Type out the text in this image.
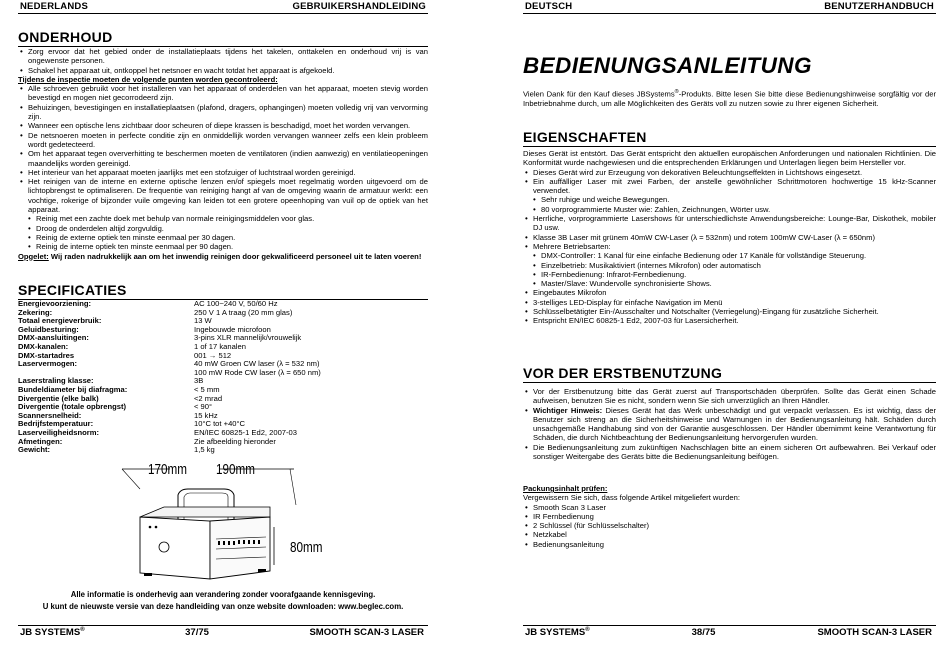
NEDERLANDS	GEBRUIKERSHANDLEIDING
ONDERHOUD
• Zorg ervoor dat het gebied onder de installatieplaats tijdens het takelen, onttakelen en onderhoud vrij is van ongewenste personen.
• Schakel het apparaat uit, ontkoppel het netsnoer en wacht totdat het apparaat is afgekoeld.

Tijdens de inspectie moeten de volgende punten worden gecontroleerd:

• Alle schroeven gebruikt voor het installeren van het apparaat of onderdelen van het apparaat, moeten stevig worden bevestigd en mogen niet gecorrodeerd zijn.
• Behuizingen, bevestigingen en installatieplaatsen (plafond, dragers, ophangingen) moeten volledig vrij van vervorming zijn.
• Wanneer een optische lens zichtbaar door scheuren of diepe krassen is beschadigd, moet het worden vervangen.
• De netsnoeren moeten in perfecte conditie zijn en onmiddellijk worden vervangen wanneer zelfs een klein probleem wordt gedetecteerd.
• Om het apparaat tegen oververhitting te beschermen moeten de ventilatoren (indien aanwezig) en ventilatieopeningen maandelijks worden gereinigd.
• Het interieur van het apparaat moeten jaarlijks met een stofzuiger of luchtstraal worden gereinigd.
• Het reinigen van de interne en externe optische lenzen en/of spiegels moet regelmatig worden uitgevoerd om de lichtopbrengst te optimaliseren. De frequentie van reiniging hangt af van de omgeving waarin de armatuur werkt: een vochtige, rokerige of bijzonder vuile omgeving kan leiden tot een grotere opeenhoping van vuil op de optiek van het apparaat.
• Reinig met een zachte doek met behulp van normale reinigingsmiddelen voor glas.
• Droog de onderdelen altijd zorgvuldig.
• Reinig de externe optiek ten minste eenmaal per 30 dagen.
• Reinig de interne optiek ten minste eenmaal per 90 dagen.

Opgelet: Wij raden nadrukkelijk aan om het inwendig reinigen door gekwalificeerd personeel uit te laten voeren!

SPECIFICATIES
Energievoorziening:	AC 100~240 V, 50/60 Hz
Zekering:	250 V 1 A traag (20 mm glas)
Totaal energieverbruik:	13 W
Geluidbesturing:	Ingebouwde microfoon
DMX-aansluitingen:	3-pins XLR mannelijk/vrouwelijk
DMX-kanalen:	1 of 17 kanalen
DMX-startadres	001 → 512
Laservermogen:	40 mW Groen CW laser (λ = 532 nm)
100 mW Rode CW laser (λ = 650 nm)
Laserstraling klasse:	3B
Bundeldiameter bij diafragma:	< 5 mm
Divergentie (elke balk)	<2 mrad
Divergentie (totale opbrengst)	< 90°
Scannersnelheid:	15 kHz
Bedrijfstemperatuur:	10°C tot +40°C
Laserveiligheidsnorm:	EN/IEC 60825-1 Ed2, 2007-03
Afmetingen:	Zie afbeelding hieronder
Gewicht:	1,5 kg
170mm 190mm
80mm
Alle informatie is onderhevig aan verandering zonder voorafgaande kennisgeving.
U kunt de nieuwste versie van deze handleiding van onze website downloaden: www.beglec.com.
JB SYSTEMS®	37/75	SMOOTH SCAN-3 LASER
DEUTSCH	BENUTZERHANDBUCH
BEDIENUNGSANLEITUNG

Vielen Dank für den Kauf dieses JBSystems®-Produkts. Bitte lesen Sie bitte diese Bedienungshinweise sorgfältig vor der Inbetriebnahme durch, um alle Möglichkeiten des Geräts voll zu nutzen sowie zu Ihrer eigenen Sicherheit.

EIGENSCHAFTEN

Dieses Gerät ist entstört. Das Gerät entspricht den aktuellen europäischen Anforderungen und nationalen Richtlinien. Die Konformität wurde nachgewiesen und die entsprechenden Erklärungen und Unterlagen liegen beim Hersteller vor.

• Dieses Gerät wird zur Erzeugung von dekorativen Beleuchtungseffekten in Lichtshows eingesetzt.
• Ein auffälliger Laser mit zwei Farben, der anstelle gewöhnlicher Schrittmotoren hochwertige 15 kHz-Scanner verwendet.
• Sehr ruhige und weiche Bewegungen.
• 80 vorprogrammierte Muster wie: Zahlen, Zeichnungen, Wörter usw.
• Herrliche, vorprogrammierte Lasershows für unterschiedlichste Anwendungsbereiche: Lounge-Bar, Diskothek, mobiler DJ usw.
• Klasse 3B Laser mit grünem 40mW CW-Laser (λ = 532nm) und rotem 100mW CW-Laser (λ = 650nm)
• Mehrere Betriebsarten:
• DMX-Controller: 1 Kanal für eine einfache Bedienung oder 17 Kanäle für vollständige Steuerung.
• Einzelbetrieb: Musikaktiviert (internes Mikrofon) oder automatisch
• IR-Fernbedienung: Infrarot-Fernbedienung.
• Master/Slave: Wundervolle synchronisierte Shows.
• Eingebautes Mikrofon
• 3-stelliges LED-Display für einfache Navigation im Menü
• Schlüsselbetätigter Ein-/Ausschalter und Notschalter (Verriegelung)-Eingang für zusätzliche Sicherheit.
• Entspricht EN/IEC 60825-1 Ed2, 2007-03 für Lasersicherheit.
VOR DER ERSTBENUTZUNG
• Vor der Erstbenutzung bitte das Gerät zuerst auf Transportschäden überprüfen. Sollte das Gerät einen Schade aufweisen, benutzen Sie es nicht, sondern wenn Sie sich unverzüglich an Ihren Händler.
• Wichtiger Hinweis: Dieses Gerät hat das Werk unbeschädigt und gut verpackt verlassen. Es ist wichtig, dass der Benutzer sich streng an die Sicherheitshinweise und Warnungen in der Bedienungsanleitung hält. Schäden durch unsachgemäße Handhabung sind von der Garantie ausgeschlossen. Der Händler übernimmt keine Verantwortung für Schäden, die durch Nichtbeachtung der Bedienungsanleitung hervorgerufen wurden.
• Die Bedienungsanleitung zum zukünftigen Nachschlagen bitte an einem sicheren Ort aufbewahren. Bei Verkauf oder sonstiger Weitergabe des Geräts bitte die Bedienungsanleitung beifügen.

Packungsinhalt prüfen:

Vergewissern Sie sich, dass folgende Artikel mitgeliefert wurden:

• Smooth Scan 3 Laser
• IR Fernbedienung
• 2 Schlüssel (für Schlüsselschalter)
• Netzkabel
• Bedienungsanleitung
JB SYSTEMS®	38/75	SMOOTH SCAN-3 LASER
